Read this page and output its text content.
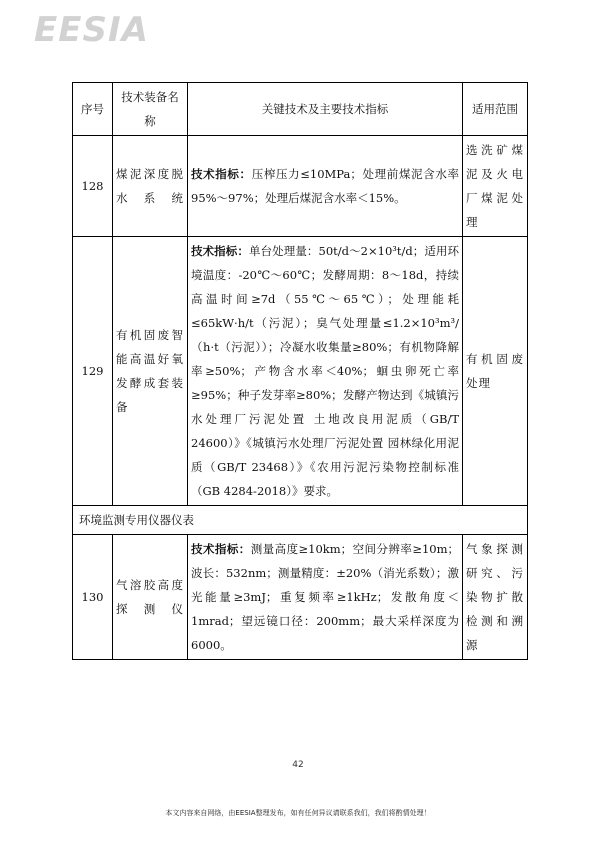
EESIA
序号	技术装备名称	关键技术及主要技术指标	适用范围
128	煤泥深度脱水系统	技术指标：压榨压力≤10MPa；处理前煤泥含水率 95%～97%；处理后煤泥含水率＜15%。	选洗矿煤泥及火电厂煤泥处理
129	有机固废智能高温好氧发酵成套装备	技术指标：单台处理量：50t/d～2×10³t/d；适用环境温度：-20℃～60℃；发酵周期：8～18d，持续高温时间≥7d（55℃～65℃）；处理能耗≤65kW·h/t（污泥）；臭气处理量≤1.2×10³m³/（h·t（污泥））；冷凝水收集量≥80%；有机物降解率≥50%；产物含水率＜40%；蛔虫卵死亡率≥95%；种子发芽率≥80%；发酵产物达到《城镇污水处理厂污泥处置 土地改良用泥质（GB/T 24600）》《城镇污水处理厂污泥处置 园林绿化用泥质（GB/T 23468）》《农用污泥污染物控制标准（GB 4284-2018）》要求。	有机固废处理
环境监测专用仪器仪表			
130	气溶胶高度探测仪	技术指标：测量高度≥10km；空间分辨率≥10m；波长：532nm；测量精度：±20%（消光系数）；激光能量≥3mJ；重复频率≥1kHz；发散角度＜1mrad；望远镜口径：200mm；最大采样深度为 6000。	气象探测研究、污染物扩散检测和溯源
42
本文内容来自网络，由EESIA整理发布，如有任何异议请联系我们，我们将酌情处理！
